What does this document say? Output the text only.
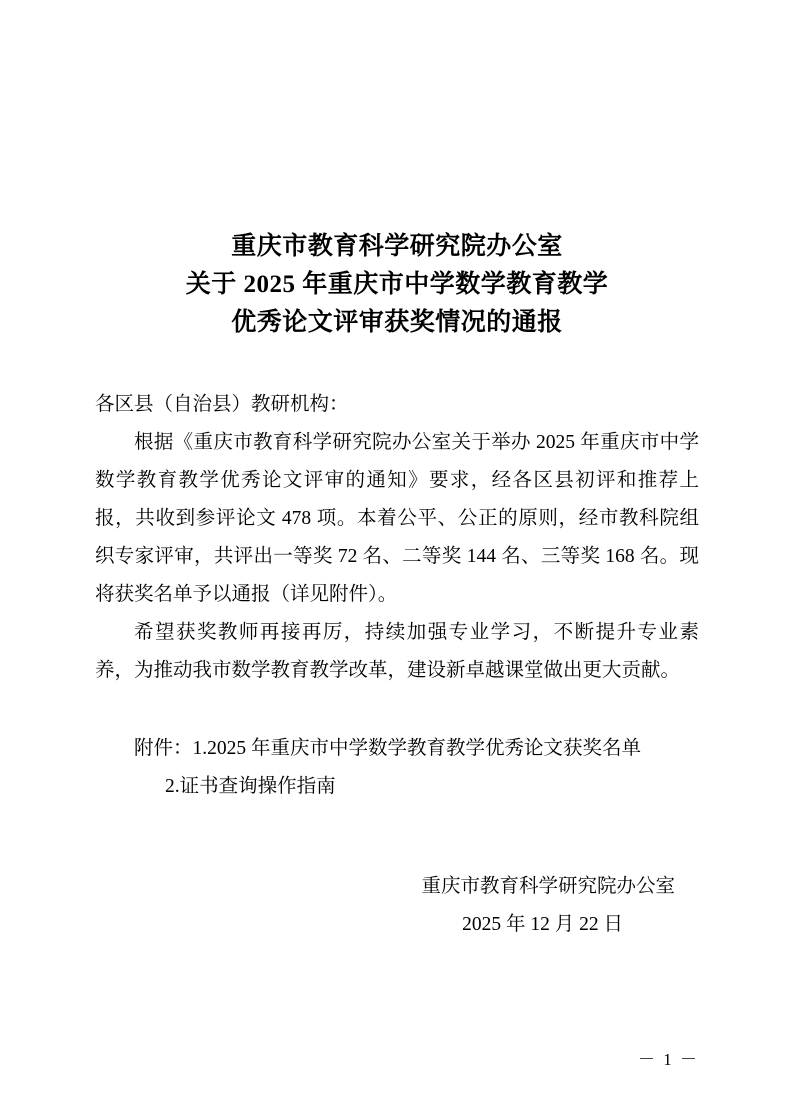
重庆市教育科学研究院办公室
关于 2025 年重庆市中学数学教育教学
优秀论文评审获奖情况的通报

各区县（自治县）教研机构：

根据《重庆市教育科学研究院办公室关于举办 2025 年重庆市中学数学教育教学优秀论文评审的通知》要求，经各区县初评和推荐上报，共收到参评论文 478 项。本着公平、公正的原则，经市教科院组织专家评审，共评出一等奖 72 名、二等奖 144 名、三等奖 168 名。现将获奖名单予以通报（详见附件）。

希望获奖教师再接再厉，持续加强专业学习，不断提升专业素养，为推动我市数学教育教学改革，建设新卓越课堂做出更大贡献。

附件：1.2025 年重庆市中学数学教育教学优秀论文获奖名单

2.证书查询操作指南

重庆市教育科学研究院办公室
2025 年 12 月 22 日
－ 1 －
